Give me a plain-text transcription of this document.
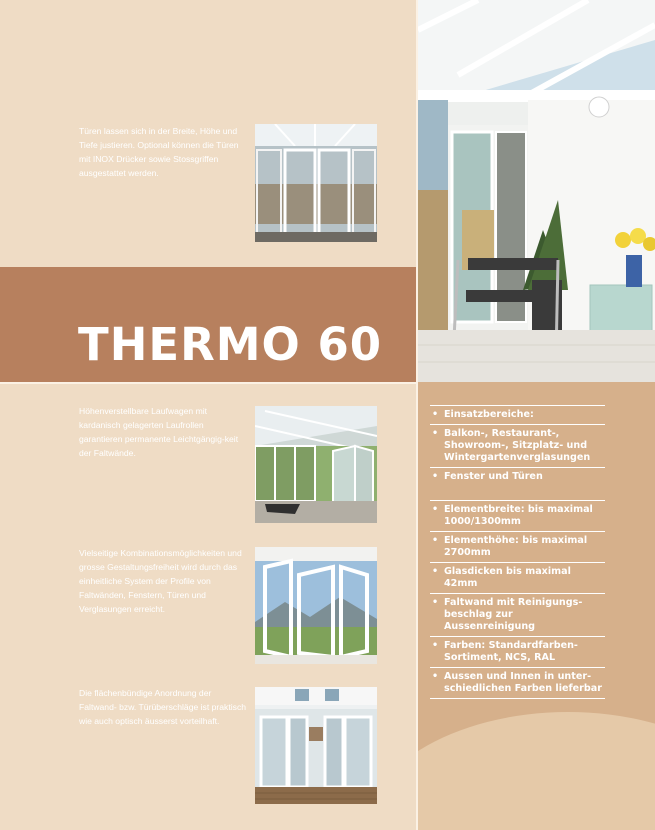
THERMO 60

Türen lassen sich in der Breite, Höhe und Tiefe justieren. Optional können die Türen mit INOX Drücker sowie Stossgriffen ausgestattet werden.

Höhenverstellbare Laufwagen mit kardanisch gelagerten Laufrollen garantieren permanente Leichtgängig-keit der Faltwände.

Vielseitige Kombinationsmöglichkeiten und grosse Gestaltungsfreiheit wird durch das einheitliche System der Profile von Faltwänden, Fenstern, Türen und Verglasungen erreicht.

Die flächenbündige Anordnung der Faltwand- bzw. Türüberschläge ist praktisch wie auch optisch äusserst vorteilhaft.

• Einsatzbereiche:
• Balkon-, Restaurant-,
Showroom-, Sitzplatz- und
Wintergartenverglasungen
• Fenster und Türen
• Elementbreite: bis maximal
1000/1300mm
• Elementhöhe: bis maximal
2700mm
• Glasdicken bis maximal
42mm
• Faltwand mit Reinigungs-
beschlag zur Aussenreinigung
• Farben: Standardfarben-
Sortiment, NCS, RAL
• Aussen und Innen in unter-
schiedlichen Farben lieferbar
